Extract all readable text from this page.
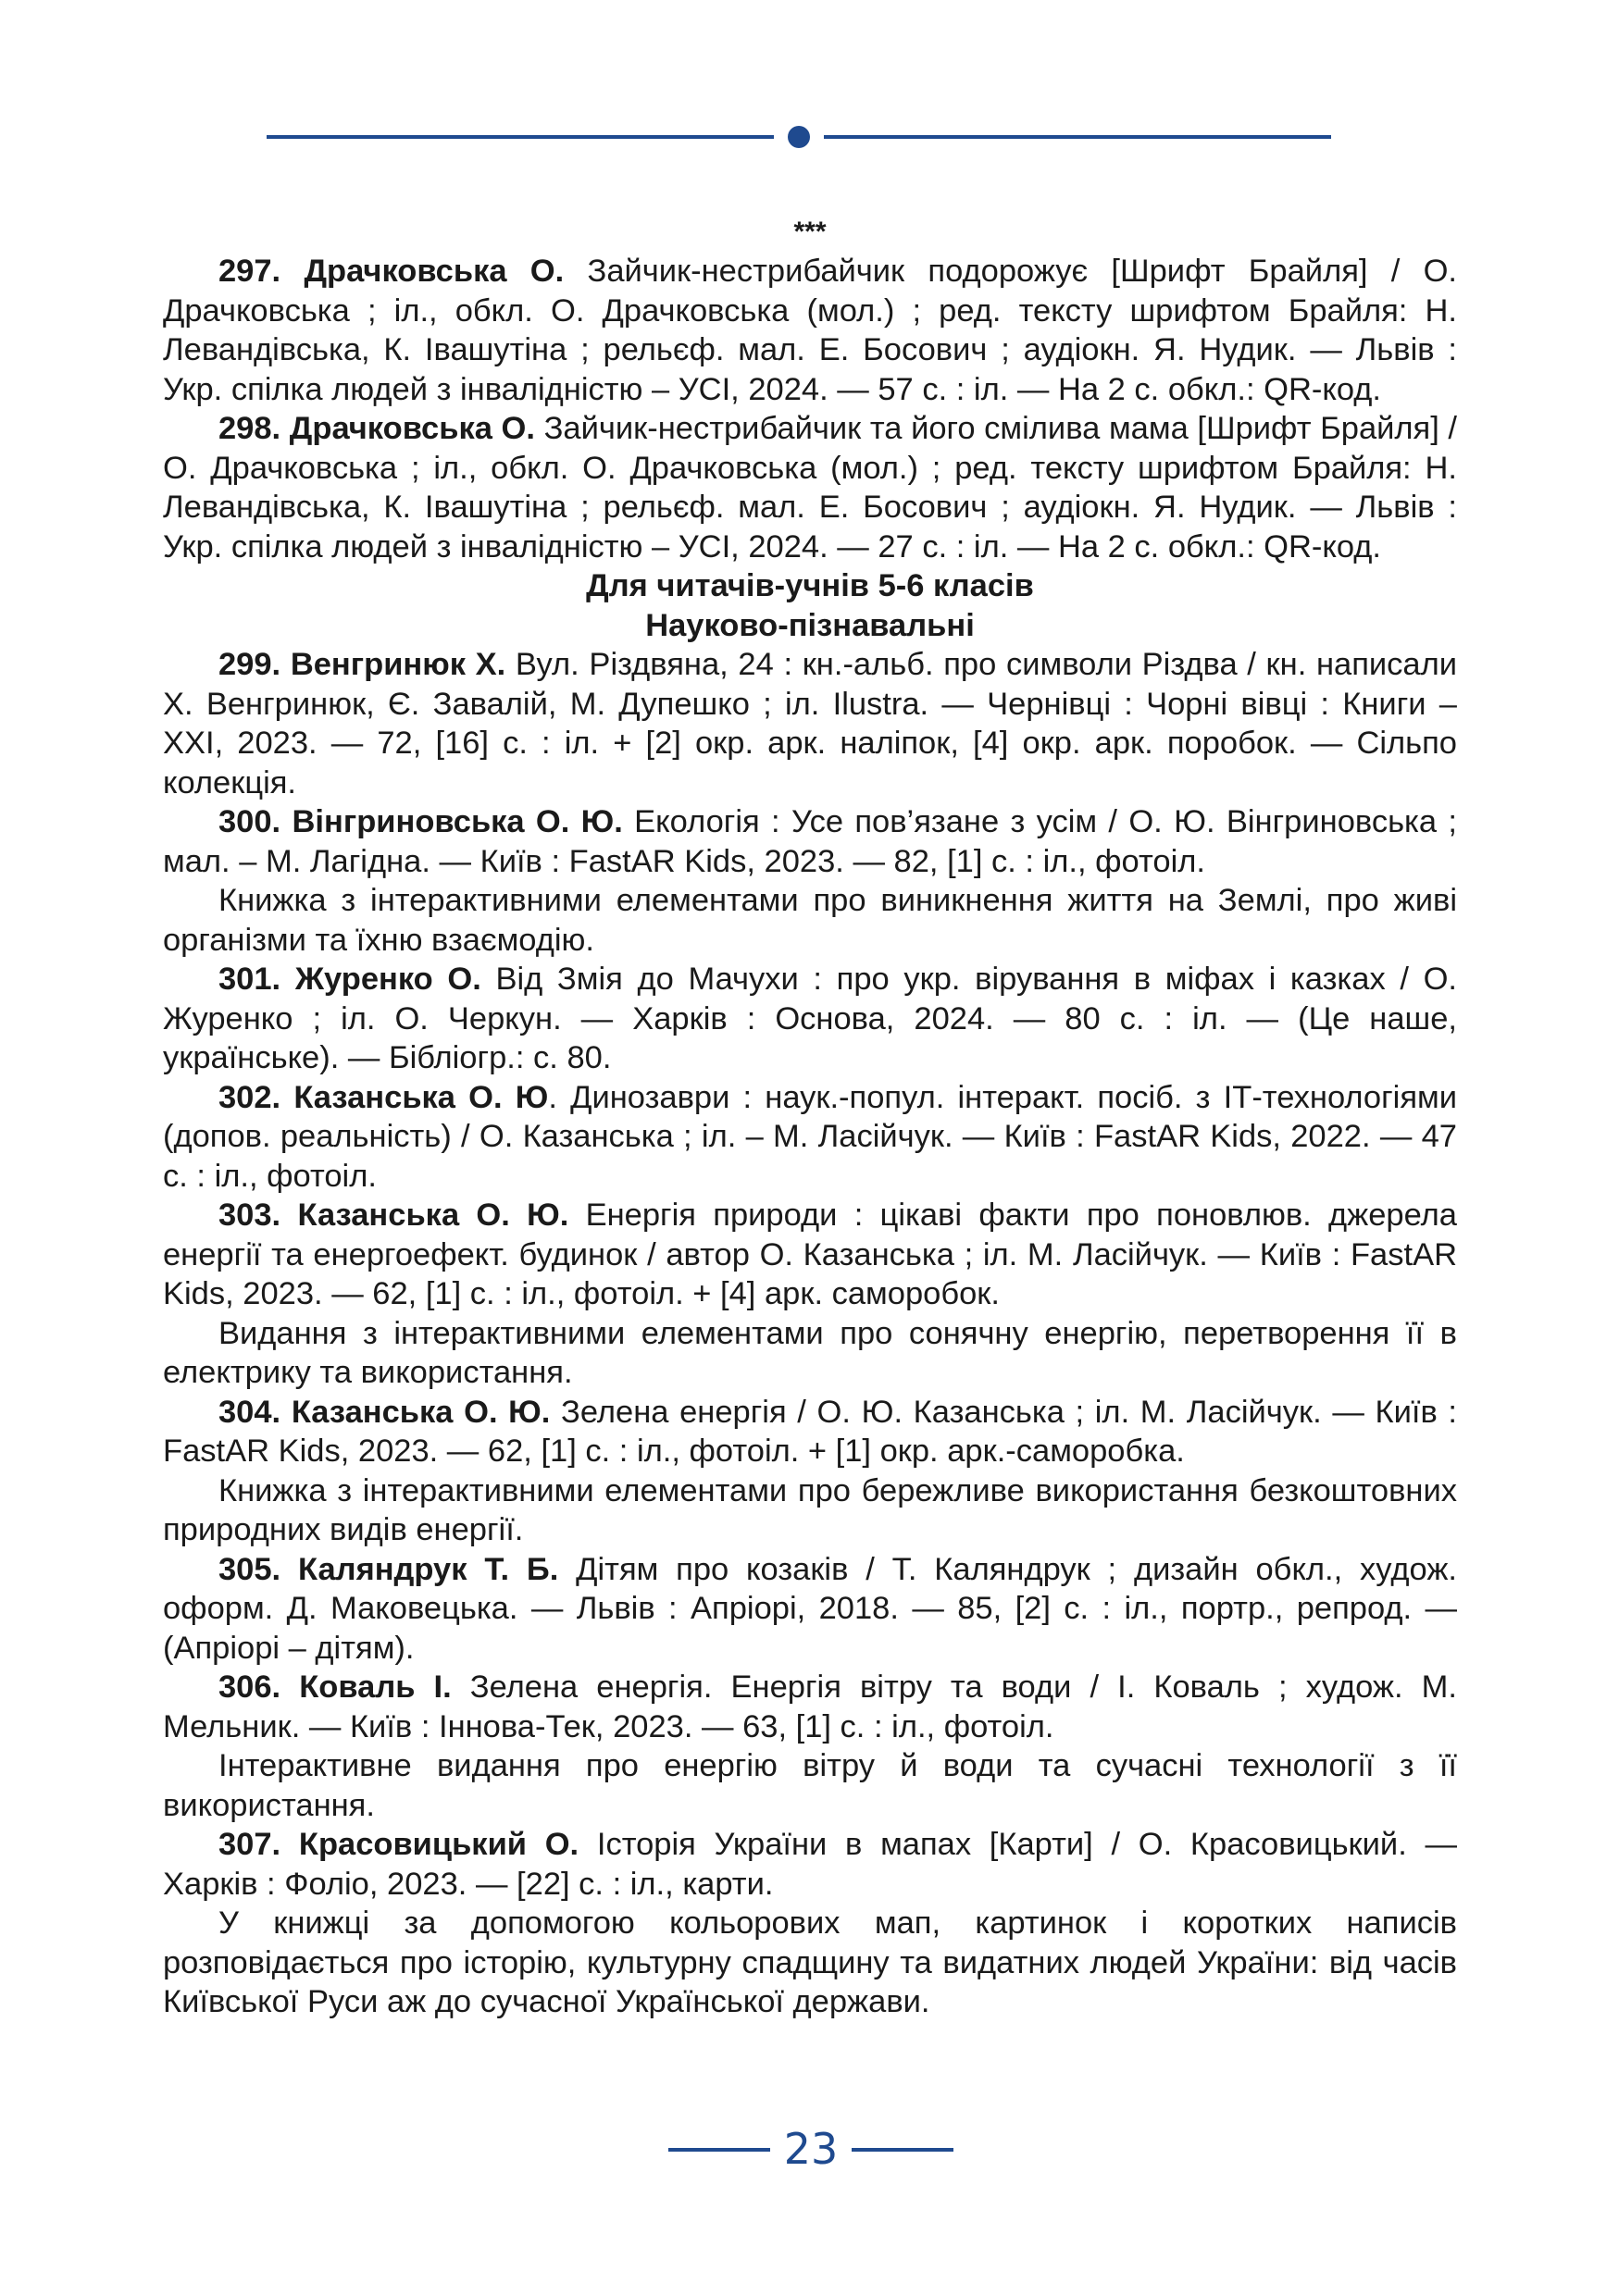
***

297. Драчковська О. Зайчик-нестрибайчик подорожує [Шрифт Брайля] / О. Драчковська ; іл., обкл. О. Драчковська (мол.) ; ред. тексту шрифтом Брайля: Н. Левандівська, К. Івашутіна ; рельєф. мал. Е. Босович ; аудіокн. Я. Нудик. — Львів : Укр. спілка людей з інвалідністю – УСІ, 2024. — 57 с. : іл. — На 2 с. обкл.: QR-код.

298. Драчковська О. Зайчик-нестрибайчик та його смілива мама [Шрифт Брайля] / О. Драчковська ; іл., обкл. О. Драчковська (мол.) ; ред. тексту шрифтом Брайля: Н. Левандівська, К. Івашутіна ; рельєф. мал. Е. Босович ; аудіокн. Я. Нудик. — Львів : Укр. спілка людей з інвалідністю – УСІ, 2024. — 27 с. : іл. — На 2 с. обкл.: QR-код.

Для читачів-учнів 5-6 класів

Науково-пізнавальні

299. Венгринюк Х. Вул. Різдвяна, 24 : кн.-альб. про символи Різдва / кн. написали Х. Венгринюк, Є. Завалій, М. Дупешко ; іл. Ilustra. — Чернівці : Чорні вівці : Книги – ХХІ, 2023. — 72, [16] с. : іл. + [2] окр. арк. наліпок, [4] окр. арк. поробок. — Сільпо колекція.

300. Вінгриновська О. Ю. Екологія : Усе пов’язане з усім / О. Ю. Вінгриновська ; мал. – М. Лагідна. — Київ : FastAR Kids, 2023. — 82, [1] с. : іл., фотоіл.

Книжка з інтерактивними елементами про виникнення життя на Землі, про живі організми та їхню взаємодію.

301. Журенко О. Від Змія до Мачухи : про укр. вірування в міфах і казках / О. Журенко ; іл. О. Черкун. — Харків : Основа, 2024. — 80 с. : іл. — (Це наше, українське). — Бібліогр.: с. 80.

302. Казанська О. Ю. Динозаври : наук.-попул. інтеракт. посіб. з ІТ-технологіями (допов. реальність) / О. Казанська ; іл. – М. Ласійчук. — Київ : FastAR Kids, 2022. — 47 с. : іл., фотоіл.

303. Казанська О. Ю. Енергія природи : цікаві факти про поновлюв. джерела енергії та енергоефект. будинок / автор О. Казанська ; іл. М. Ласійчук. — Київ : FastAR Kids, 2023. — 62, [1] с. : іл., фотоіл. + [4] арк. саморобок.

Видання з інтерактивними елементами про сонячну енергію, перетворення її в електрику та використання.

304. Казанська О. Ю. Зелена енергія / О. Ю. Казанська ; іл. М. Ласійчук. — Київ : FastAR Kids, 2023. — 62, [1] с. : іл., фотоіл. + [1] окр. арк.-саморобка.

Книжка з інтерактивними елементами про бережливе використання безкоштовних природних видів енергії.

305. Каляндрук Т. Б. Дітям про козаків / Т. Каляндрук ; дизайн обкл., худож. оформ. Д. Маковецька. — Львів : Апріорі, 2018. — 85, [2] с. : іл., портр., репрод. — (Апріорі – дітям).

306. Коваль І. Зелена енергія. Енергія вітру та води / І. Коваль ; худож. М. Мельник. — Київ : Іннова-Тек, 2023. — 63, [1] с. : іл., фотоіл.

Інтерактивне видання про енергію вітру й води та сучасні технології з її використання.

307. Красовицький О. Історія України в мапах [Карти] / О. Красовицький. — Харків : Фоліо, 2023. — [22] с. : іл., карти.

У книжці за допомогою кольорових мап, картинок і коротких написів розповідається про історію, культурну спадщину та видатних людей України: від часів Київської Руси аж до сучасної Української держави.

23
